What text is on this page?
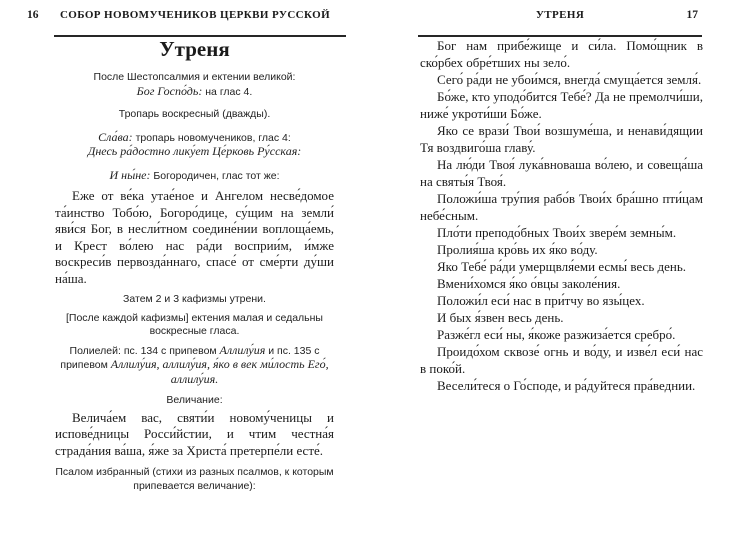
16	СОБОР НОВОМУЧЕНИКОВ ЦЕРКВИ РУССКОЙ
Утреня
После Шестопсалмия и ектении великой:
Бог Госпо́дь: на глас 4.
Тропарь воскресный (дважды).
Сла́ва: тропарь новомучеников, глас 4:
Днесь ра́достно лику́ет Це́рковь Ру́сская:
И ны́не: Богородичен, глас тот же:

Еже от ве́ка утае́ное и Ангелом несве́домое та́инство Тобо́ю, Богоро́дице, су́щим на земли́ яви́ся Бог, в несли́тном соедине́нии воплоща́емь, и Крест во́лею нас ра́ди восприи́м, и́мже воскреси́в первозда́ннаго, спасе́ от сме́рти ду́ши на́ша.

Затем 2 и 3 кафизмы утрени.
[После каждой кафизмы] ектения малая и седальны воскресные гласа.
Полиелей: пс. 134 с припевом Аллилу́ия и пс. 135 с припевом Аллилу́ия, аллилу́ия, я́ко в век ми́лость Его́, аллилу́ия.
Величание:

Велича́ем вас, святи́и новому́ченицы и испове́дницы Росси́йстии, и чтим честна́я страда́ния ва́ша, я́же за Христа́ претерпе́ли есте́.

Псалом избранный (стихи из разных псалмов, к которым припевается величание):
17
УТРЕНЯ

Бог нам прибе́жище и си́ла. Помо́щник в ско́рбех обре́тших ны зело́.

Сего́ ра́ди не убои́мся, внегда́ смуща́ется земля́.

Бо́же, кто уподо́бится Тебе́? Да не премолчи́ши, ниже́ укроти́ши Бо́же.

Яко се врази́ Твои́ возшуме́ша, и ненави́дящии Тя воздвиго́ша главу́.

На лю́ди Твоя́ лука́вноваша во́лею, и совеща́ша на святы́я Твоя́.

Положи́ша тру́пия рабо́в Твои́х бра́шно пти́цам небе́сным.

Пло́ти преподо́бных Твои́х звере́м земны́м.

Пролия́ша кро́вь их я́ко во́ду.

Яко Тебе́ ра́ди умерщвля́еми есмы́ весь день.

Вмени́хомся я́ко о́вцы заколе́ния.

Положи́л еси́ нас в при́тчу во язы́цех.

И бых я́звен весь день.

Разже́гл еси́ ны, я́коже разжиза́ется сребро́.

Проидо́хом сквозе́ огнь и во́ду, и изве́л еси́ нас в поко́й.

Весели́теся о Го́споде, и ра́дуйтеся пра́веднии.
